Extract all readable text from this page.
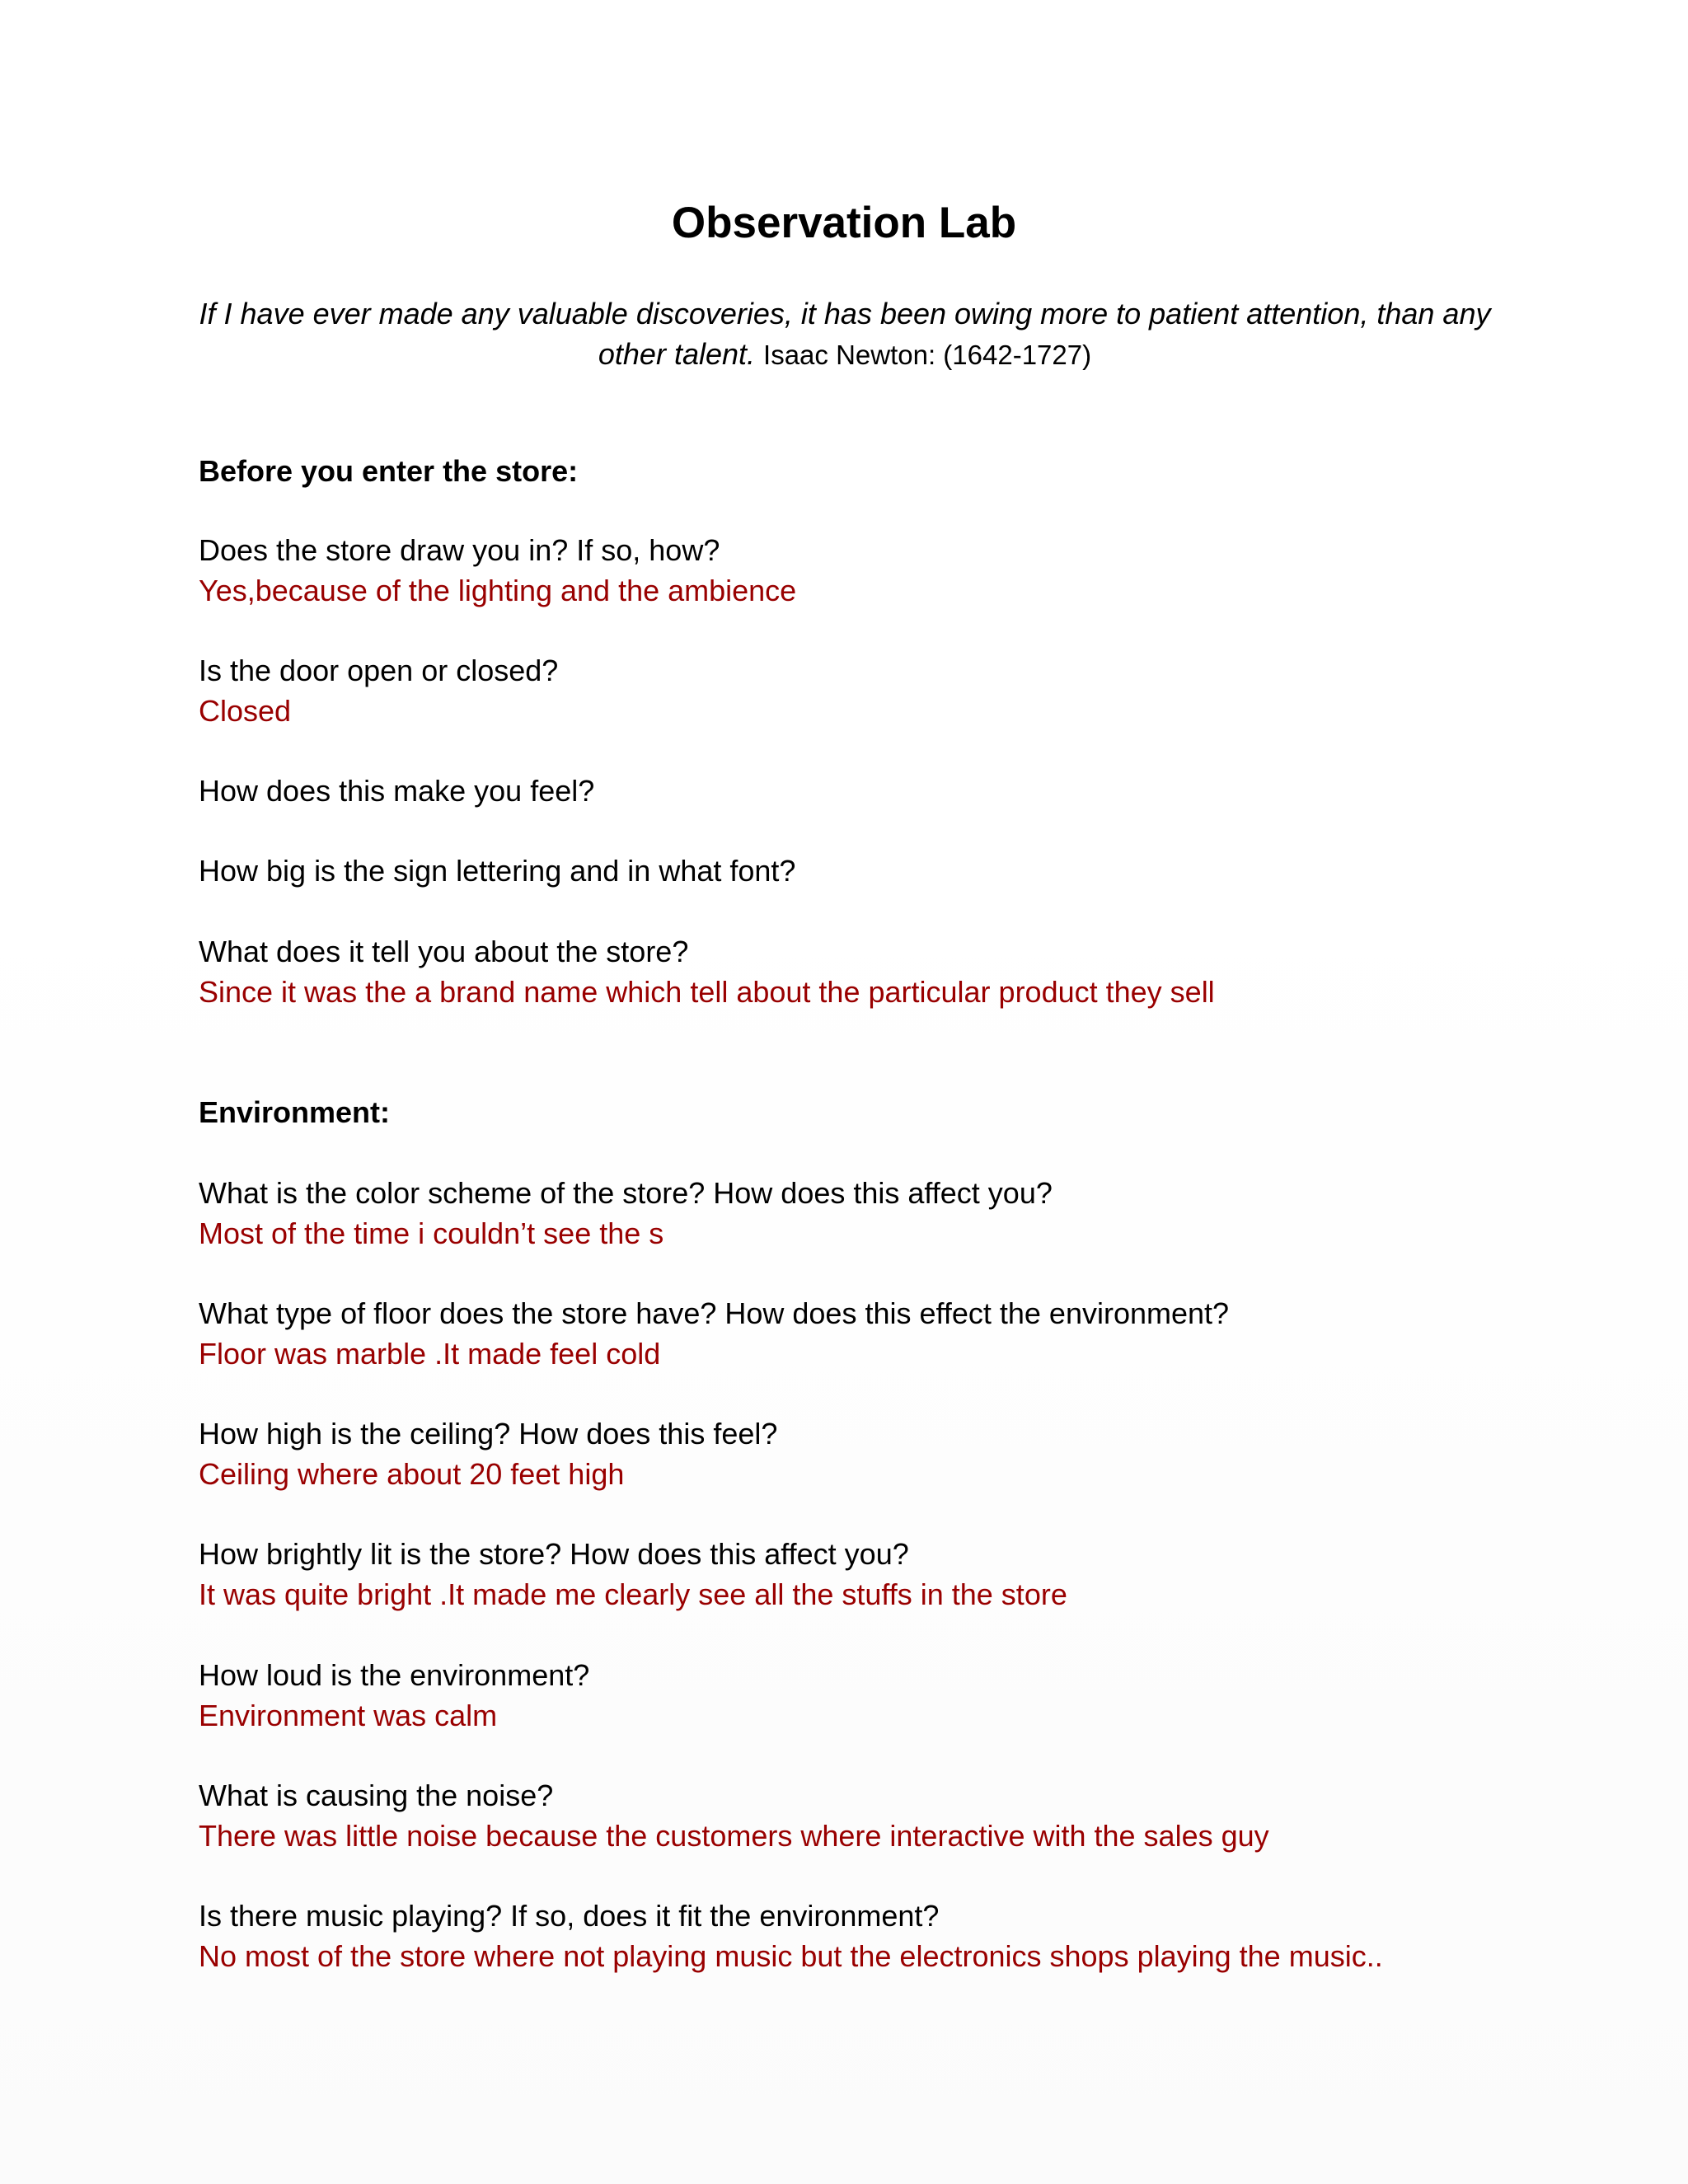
Observation Lab

If I have ever made any valuable discoveries, it has been owing more to patient attention, than any other talent. Isaac Newton: (1642-1727)

Before you enter the store:
Does the store draw you in? If so, how?
Yes,because of the lighting and the ambience
Is the door open or closed?
Closed
How does this make you feel?
How big is the sign lettering and in what font?
What does it tell you about the store?
Since it was the a brand name which tell about the particular product they sell
Environment:
What is the color scheme of the store? How does this affect you?
Most of the time i couldn’t see the s
What type of floor does the store have? How does this effect the environment?
Floor was marble .It made feel cold
How high is the ceiling? How does this feel?
Ceiling where about 20 feet high
How brightly lit is the store? How does this affect you?
It was quite bright .It made me clearly see all the stuffs in the store
How loud is the environment?
Environment was calm
What is causing the noise?
There was little noise because the customers where interactive with the sales guy
Is there music playing? If so, does it fit the environment?
No most of the store where not playing music but the electronics shops playing the music..
